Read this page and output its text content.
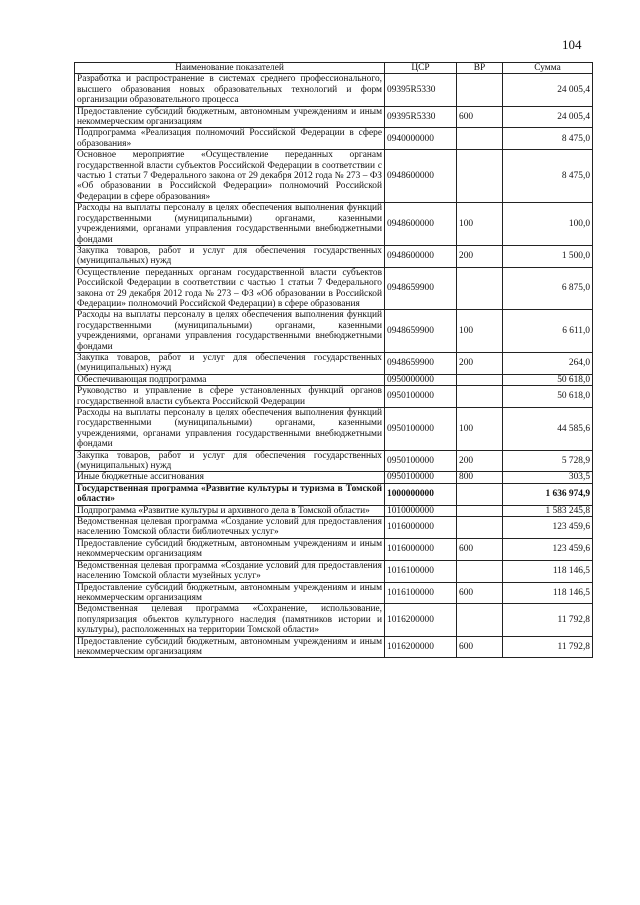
104
Наименование показателей	ЦСР	ВР	Сумма
Разработка и распространение в системах среднего профессионального, высшего образования новых образовательных технологий и форм организации образовательного процесса	09395R5330		24 005,4
Предоставление субсидий бюджетным, автономным учреждениям и иным некоммерческим организациям	09395R5330	600	24 005,4
Подпрограмма «Реализация полномочий Российской Федерации в сфере образования»	0940000000		8 475,0
Основное мероприятие «Осуществление переданных органам государственной власти субъектов Российской Федерации в соответствии с частью 1 статьи 7 Федерального закона от 29 декабря 2012 года № 273 – ФЗ «Об образовании в Российской Федерации» полномочий Российской Федерации в сфере образования»	0948600000		8 475,0
Расходы на выплаты персоналу в целях обеспечения выполнения функций государственными (муниципальными) органами, казенными учреждениями, органами управления государственными внебюджетными фондами	0948600000	100	100,0
Закупка товаров, работ и услуг для обеспечения государственных (муниципальных) нужд	0948600000	200	1 500,0
Осуществление переданных органам государственной власти субъектов Российской Федерации в соответствии с частью 1 статьи 7 Федерального закона от 29 декабря 2012 года № 273 – ФЗ «Об образовании в Российской Федерации» полномочий Российской Федерации) в сфере образования	0948659900		6 875,0
Расходы на выплаты персоналу в целях обеспечения выполнения функций государственными (муниципальными) органами, казенными учреждениями, органами управления государственными внебюджетными фондами	0948659900	100	6 611,0
Закупка товаров, работ и услуг для обеспечения государственных (муниципальных) нужд	0948659900	200	264,0
Обеспечивающая подпрограмма	0950000000		50 618,0
Руководство и управление в сфере установленных функций органов государственной власти субъекта Российской Федерации	0950100000		50 618,0
Расходы на выплаты персоналу в целях обеспечения выполнения функций государственными (муниципальными) органами, казенными учреждениями, органами управления государственными внебюджетными фондами	0950100000	100	44 585,6
Закупка товаров, работ и услуг для обеспечения государственных (муниципальных) нужд	0950100000	200	5 728,9
Иные бюджетные ассигнования	0950100000	800	303,5
Государственная программа «Развитие культуры и туризма в Томской области»	1000000000		1 636 974,9
Подпрограмма «Развитие культуры и архивного дела в Томской области»	1010000000		1 583 245,8
Ведомственная целевая программа «Создание условий для предоставления населению Томской области библиотечных услуг»	1016000000		123 459,6
Предоставление субсидий бюджетным, автономным учреждениям и иным некоммерческим организациям	1016000000	600	123 459,6
Ведомственная целевая программа «Создание условий для предоставления населению Томской области музейных услуг»	1016100000		118 146,5
Предоставление субсидий бюджетным, автономным учреждениям и иным некоммерческим организациям	1016100000	600	118 146,5
Ведомственная целевая программа «Сохранение, использование, популяризация объектов культурного наследия (памятников истории и культуры), расположенных на территории Томской области»	1016200000		11 792,8
Предоставление субсидий бюджетным, автономным учреждениям и иным некоммерческим организациям	1016200000	600	11 792,8
